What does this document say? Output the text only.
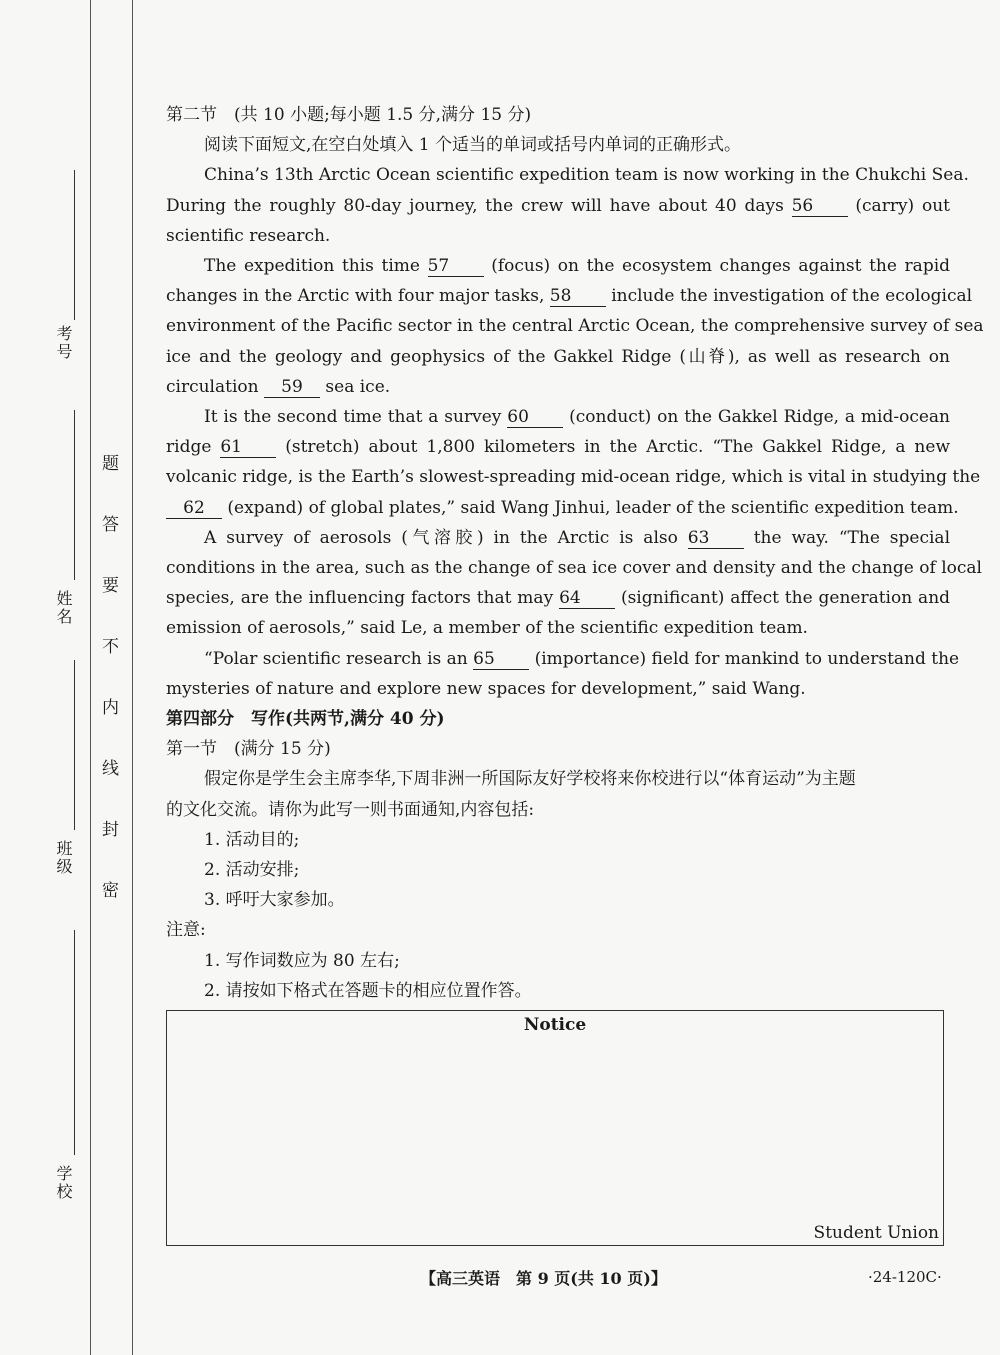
考号
姓名
班级
学校
题
答
要
不
内
线
封
密
第二节　(共 10 小题;每小题 1.5 分,满分 15 分)
阅读下面短文,在空白处填入 1 个适当的单词或括号内单词的正确形式。
China’s 13th Arctic Ocean scientific expedition team is now working in the Chukchi Sea.
During the roughly 80-day journey, the crew will have about 40 days 56 (carry) out
scientific research.
The expedition this time 57 (focus) on the ecosystem changes against the rapid
changes in the Arctic with four major tasks, 58 include the investigation of the ecological
environment of the Pacific sector in the central Arctic Ocean, the comprehensive survey of sea
ice and the geology and geophysics of the Gakkel Ridge (山脊), as well as research on
circulation 59 sea ice.
It is the second time that a survey 60 (conduct) on the Gakkel Ridge, a mid-ocean
ridge 61	(stretch) about 1,800 kilometers in the Arctic. “The Gakkel Ridge, a new
volcanic ridge, is the Earth’s slowest-spreading mid-ocean ridge, which is vital in studying the
62 (expand) of global plates,” said Wang Jinhui, leader of the scientific expedition team.
A survey of aerosols (气溶胶) in the Arctic is also 63	the way. “The special
conditions in the area, such as the change of sea ice cover and density and the change of local
species, are the influencing factors that may 64 (significant) affect the generation and
emission of aerosols,” said Le, a member of the scientific expedition team.
“Polar scientific research is an 65 (importance) field for mankind to understand the
mysteries of nature and explore new spaces for development,” said Wang.
第四部分　写作(共两节,满分 40 分)
第一节　(满分 15 分)
假定你是学生会主席李华,下周非洲一所国际友好学校将来你校进行以“体育运动”为主题
的文化交流。请你为此写一则书面通知,内容包括:
1. 活动目的;
2. 活动安排;
3. 呼吁大家参加。
注意:
1. 写作词数应为 80 左右;
2. 请按如下格式在答题卡的相应位置作答。
Notice
Student Union
【高三英语　第 9 页(共 10 页)】	·24-120C·
